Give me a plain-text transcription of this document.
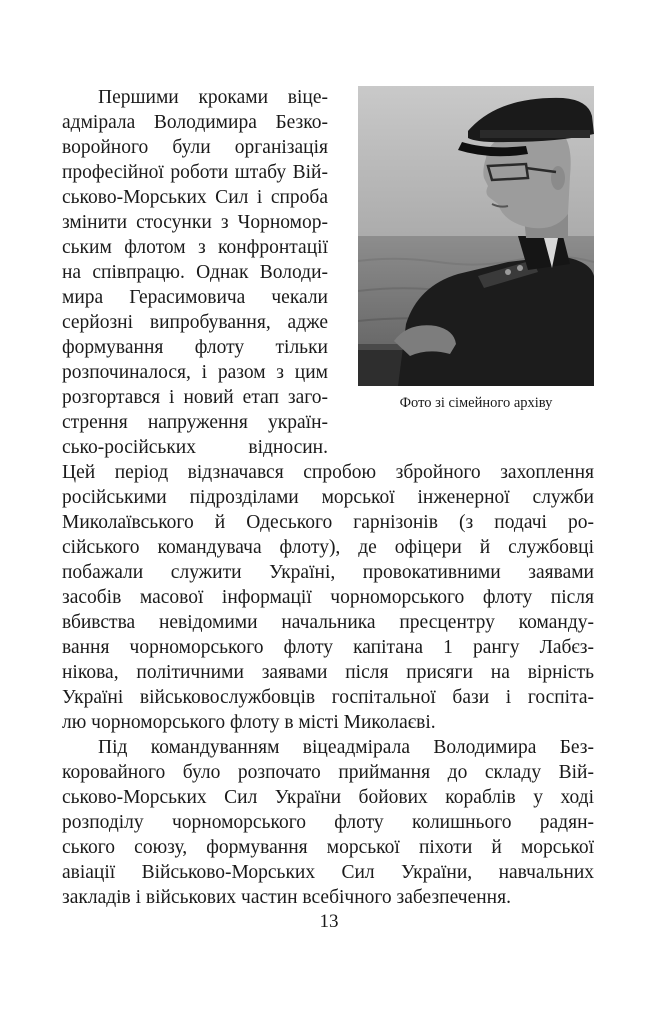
Першими кроками віце-
адмірала Володимира Безко-
воройного були організація
професійної роботи штабу Вій-
ськово-Морських Сил і спроба
змінити стосунки з Чорномор-
ським флотом з конфронтації
на співпрацю. Однак Володи-
мира Герасимовича чекали
серйозні випробування, адже
формування флоту тільки
розпочиналося, і разом з цим
розгортався і новий етап заго-
стрення напруження україн-
сько-російських відносин.
Цей період відзначався спробою збройного захоплення
російськими підрозділами морської інженерної служби
Миколаївського й Одеського гарнізонів (з подачі ро-
сійського командувача флоту), де офіцери й службовці
побажали служити Україні, провокативними заявами
засобів масової інформації чорноморського флоту після
вбивства невідомими начальника пресцентру команду-
вання чорноморського флоту капітана 1 рангу Лабєз-
нікова, політичними заявами після присяги на вірність
Україні військовослужбовців госпітальної бази і госпіта-
лю чорноморського флоту в місті Миколаєві.
Під командуванням віцеадмірала Володимира Без-
коровайного було розпочато приймання до складу Вій-
ськово-Морських Сил України бойових кораблів у ході
розподілу чорноморського флоту колишнього радян-
ського союзу, формування морської піхоти й морської
авіації Військово-Морських Сил України, навчальних
закладів і військових частин всебічного забезпечення.
Фото зі сімейного архіву
13
